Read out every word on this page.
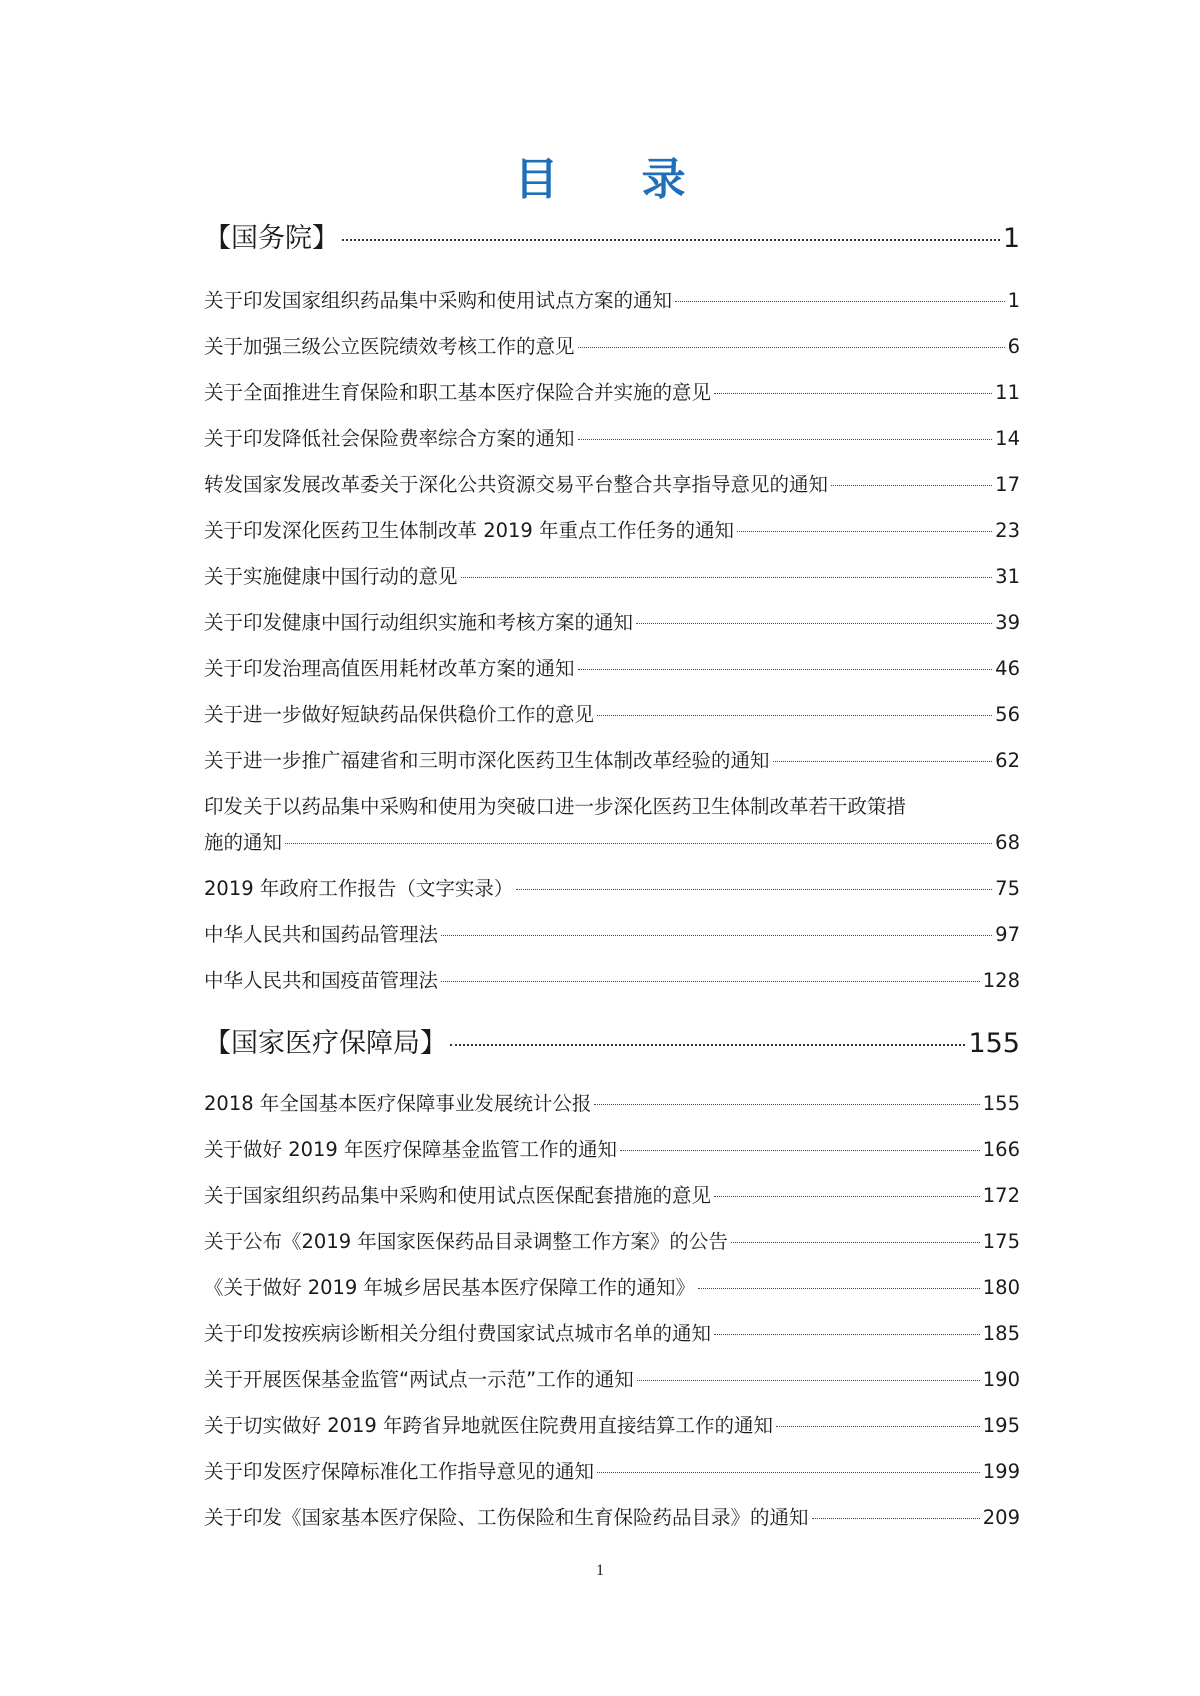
目 录
【国务院】	1
关于印发国家组织药品集中采购和使用试点方案的通知	1
关于加强三级公立医院绩效考核工作的意见	6
关于全面推进生育保险和职工基本医疗保险合并实施的意见	11
关于印发降低社会保险费率综合方案的通知	14
转发国家发展改革委关于深化公共资源交易平台整合共享指导意见的通知	17
关于印发深化医药卫生体制改革 2019 年重点工作任务的通知	23
关于实施健康中国行动的意见	31
关于印发健康中国行动组织实施和考核方案的通知	39
关于印发治理高值医用耗材改革方案的通知	46
关于进一步做好短缺药品保供稳价工作的意见	56
关于进一步推广福建省和三明市深化医药卫生体制改革经验的通知	62
印发关于以药品集中采购和使用为突破口进一步深化医药卫生体制改革若干政策措
施的通知	68
2019 年政府工作报告（文字实录）	75
中华人民共和国药品管理法	97
中华人民共和国疫苗管理法	128
【国家医疗保障局】	155
2018 年全国基本医疗保障事业发展统计公报	155
关于做好 2019 年医疗保障基金监管工作的通知	166
关于国家组织药品集中采购和使用试点医保配套措施的意见	172
关于公布《2019 年国家医保药品目录调整工作方案》的公告	175
《关于做好 2019 年城乡居民基本医疗保障工作的通知》	180
关于印发按疾病诊断相关分组付费国家试点城市名单的通知	185
关于开展医保基金监管“两试点一示范”工作的通知	190
关于切实做好 2019 年跨省异地就医住院费用直接结算工作的通知	195
关于印发医疗保障标准化工作指导意见的通知	199
关于印发《国家基本医疗保险、工伤保险和生育保险药品目录》的通知	209
1
